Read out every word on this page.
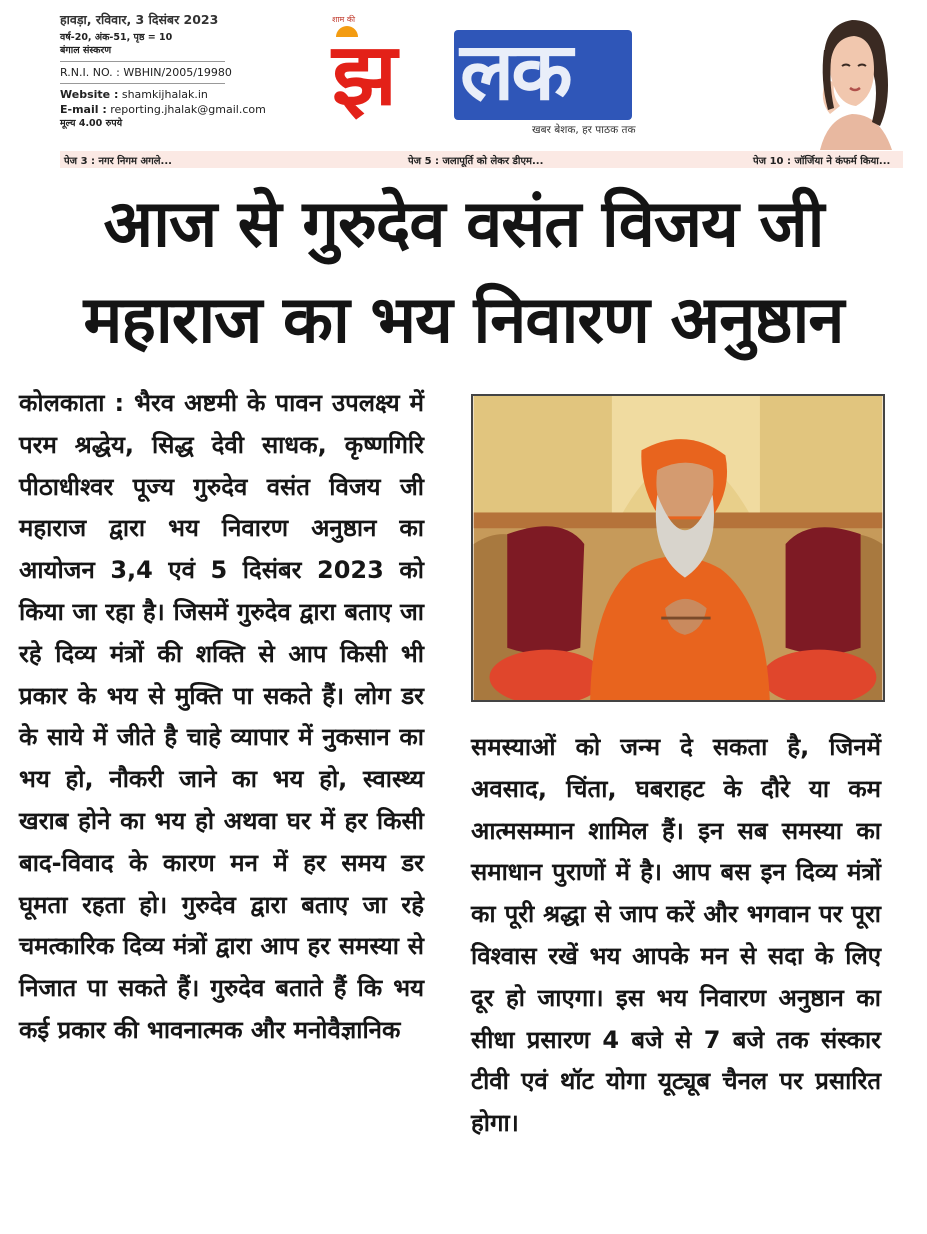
हावड़ा, रविवार, 3 दिसंबर 2023
वर्ष-20, अंक-51, पृष्ठ = 10
बंगाल संस्करण
R.N.I. NO. : WBHIN/2005/19980
Website : shamkijhalak.in
E-mail : reporting.jhalak@gmail.com
मूल्य 4.00 रुपये
शाम की
झ लक
खबर बेशक, हर पाठक तक
पेज 3 : नगर निगम अगले...	पेज 5 : जलापूर्ति को लेकर डीएम...	पेज 10 : जॉर्जिया ने कंफर्म किया...
आज से गुरुदेव वसंत विजय जी
महाराज का भय निवारण अनुष्ठान
कोलकाता : भैरव अष्टमी के पावन उपलक्ष्य में परम श्रद्धेय, सिद्ध देवी साधक, कृष्णगिरि पीठाधीश्वर पूज्य गुरुदेव वसंत विजय जी महाराज द्वारा भय निवारण अनुष्ठान का आयोजन 3,4 एवं 5 दिसंबर 2023 को किया जा रहा है। जिसमें गुरुदेव द्वारा बताए जा रहे दिव्य मंत्रों की शक्ति से आप किसी भी प्रकार के भय से मुक्ति पा सकते हैं। लोग डर के साये में जीते है चाहे व्यापार में नुकसान का भय हो, नौकरी जाने का भय हो, स्वास्थ्य खराब होने का भय हो अथवा घर में हर किसी बाद-विवाद के कारण मन में हर समय डर घूमता रहता हो। गुरुदेव द्वारा बताए जा रहे चमत्कारिक दिव्य मंत्रों द्वारा आप हर समस्या से निजात पा सकते हैं। गुरुदेव बताते हैं कि भय कई प्रकार की भावनात्मक और मनोवैज्ञानिक
समस्याओं को जन्म दे सकता है, जिनमें अवसाद, चिंता, घबराहट के दौरे या कम आत्मसम्मान शामिल हैं। इन सब समस्या का समाधान पुराणों में है। आप बस इन दिव्य मंत्रों का पूरी श्रद्धा से जाप करें और भगवान पर पूरा विश्वास रखें भय आपके मन से सदा के लिए दूर हो जाएगा। इस भय निवारण अनुष्ठान का सीधा प्रसारण 4 बजे से 7 बजे तक संस्कार टीवी एवं थॉट योगा यूट्यूब चैनल पर प्रसारित होगा।
